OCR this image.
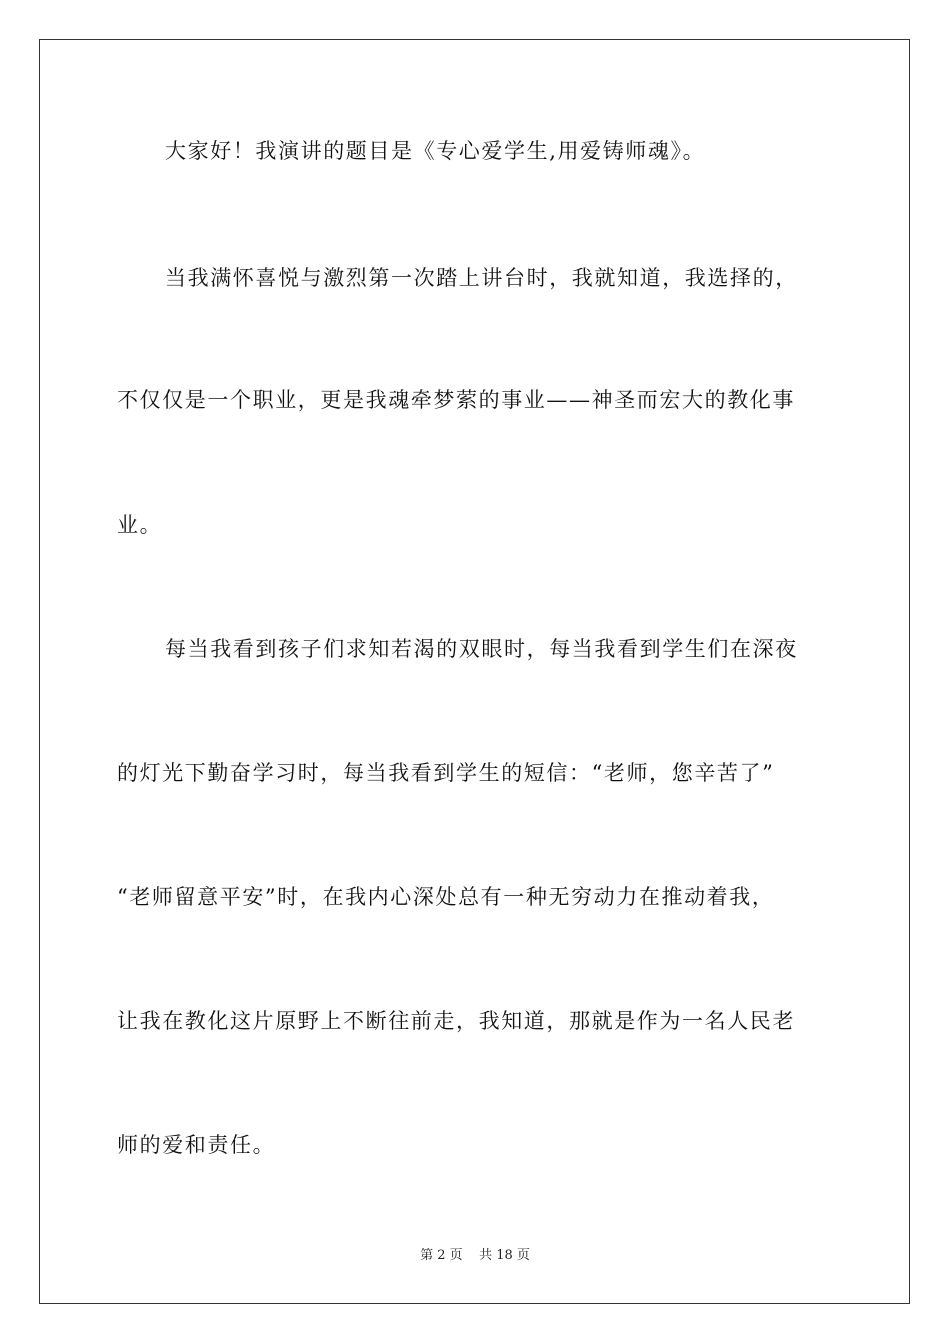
大家好！我演讲的题目是《专心爱学生,用爱铸师魂》。
当我满怀喜悦与激烈第一次踏上讲台时，我就知道，我选择的，
不仅仅是一个职业，更是我魂牵梦萦的事业——神圣而宏大的教化事
业。
每当我看到孩子们求知若渴的双眼时，每当我看到学生们在深夜
的灯光下勤奋学习时，每当我看到学生的短信：“老师，您辛苦了”
“老师留意平安”时，在我内心深处总有一种无穷动力在推动着我，
让我在教化这片原野上不断往前走，我知道，那就是作为一名人民老
师的爱和责任。
第 2 页    共 18 页
